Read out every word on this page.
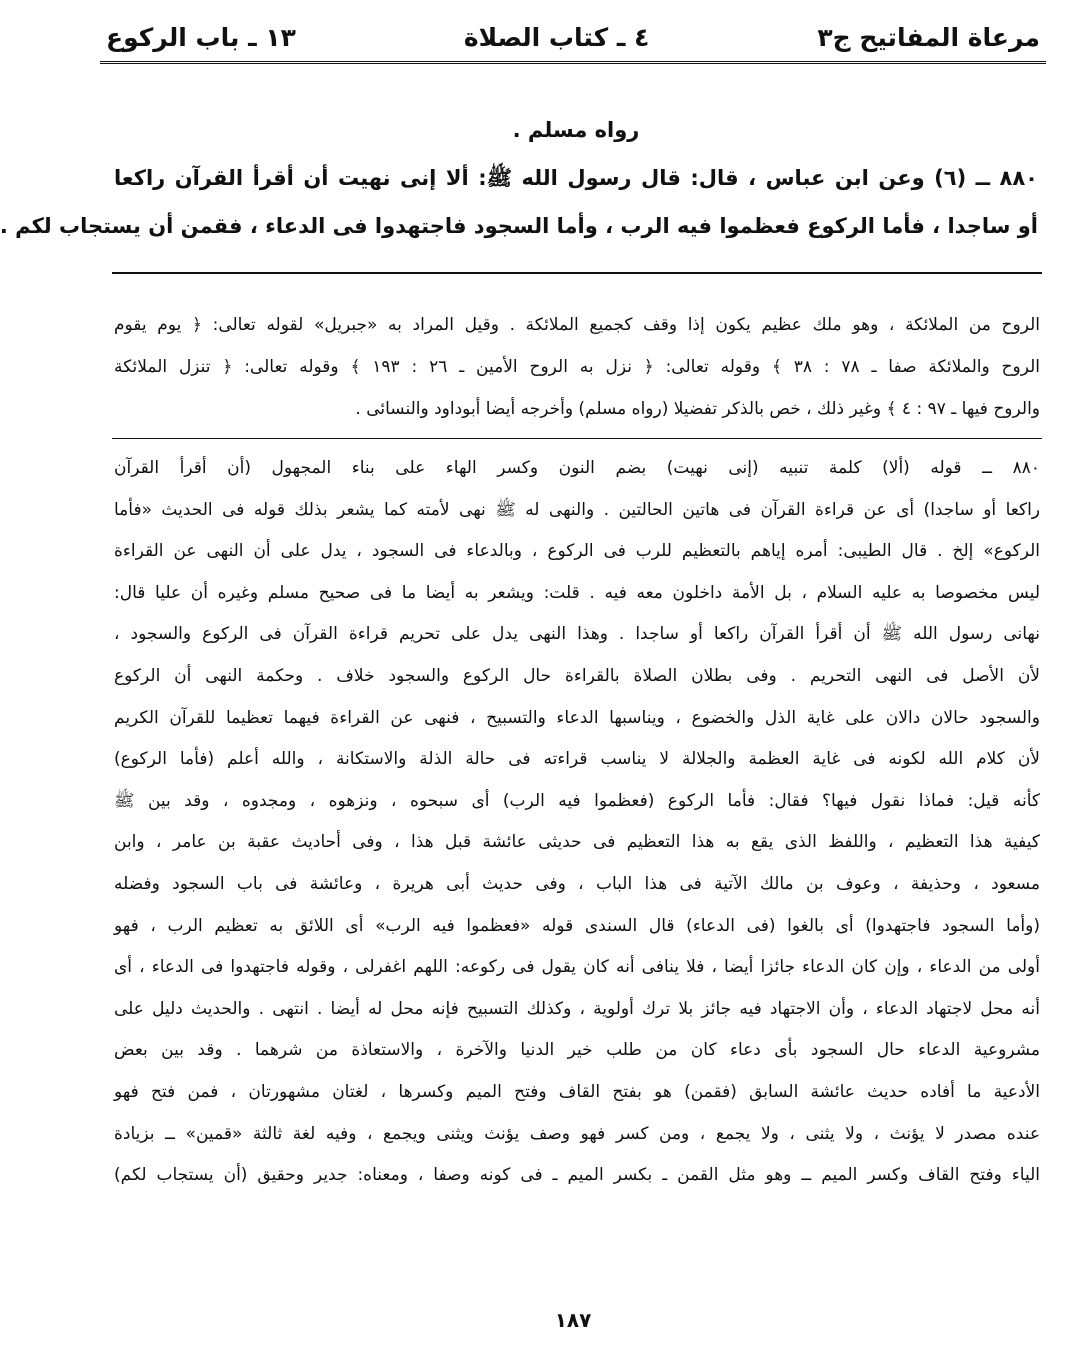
مرعاة المفاتيح ج٣
٤ ـ كتاب الصلاة
١٣ ـ باب الركوع
رواه مسلم .
٨٨٠ ــ (٦) وعن ابن عباس ، قال: قال رسول الله ﷺ: ألا إنى نهيت أن أقرأ القرآن راكعا
أو ساجدا ، فأما الركوع فعظموا فيه الرب ، وأما السجود فاجتهدوا فى الدعاء ، فقمن أن يستجاب لكم .
الروح من الملائكة ، وهو ملك عظيم يكون إذا وقف كجميع الملائكة . وقيل المراد به «جبريل» لقوله تعالى: ﴿ يوم يقوم
الروح والملائكة صفا ـ ٧٨ : ٣٨ ﴾ وقوله تعالى: ﴿ نزل به الروح الأمين ـ ٢٦ : ١٩٣ ﴾ وقوله تعالى: ﴿ تنزل الملائكة
والروح فيها ـ ٩٧ : ٤ ﴾ وغير ذلك ، خص بالذكر تفضيلا (رواه مسلم) وأخرجه أيضا أبوداود والنسائى .
٨٨٠ ــ قوله (ألا) كلمة تنبيه (إنى نهيت) بضم النون وكسر الهاء على بناء المجهول (أن أقرأ القرآن
راكعا أو ساجدا) أى عن قراءة القرآن فى هاتين الحالتين . والنهى له ﷺ نهى لأمته كما يشعر بذلك قوله فى الحديث «فأما
الركوع» إلخ . قال الطيبى: أمره إياهم بالتعظيم للرب فى الركوع ، وبالدعاء فى السجود ، يدل على أن النهى عن القراءة
ليس مخصوصا به عليه السلام ، بل الأمة داخلون معه فيه . قلت: ويشعر به أيضا ما فى صحيح مسلم وغيره أن عليا قال:
نهانى رسول الله ﷺ أن أقرأ القرآن راكعا أو ساجدا . وهذا النهى يدل على تحريم قراءة القرآن فى الركوع والسجود ،
لأن الأصل فى النهى التحريم . وفى بطلان الصلاة بالقراءة حال الركوع والسجود خلاف . وحكمة النهى أن الركوع
والسجود حالان دالان على غاية الذل والخضوع ، ويناسبها الدعاء والتسبيح ، فنهى عن القراءة فيهما تعظيما للقرآن الكريم
لأن كلام الله لكونه فى غاية العظمة والجلالة لا يناسب قراءته فى حالة الذلة والاستكانة ، والله أعلم (فأما الركوع)
كأنه قيل: فماذا نقول فيها؟ فقال: فأما الركوع (فعظموا فيه الرب) أى سبحوه ، ونزهوه ، ومجدوه ، وقد بين ﷺ
كيفية هذا التعظيم ، واللفظ الذى يقع به هذا التعظيم فى حديثى عائشة قبل هذا ، وفى أحاديث عقبة بن عامر ، وابن
مسعود ، وحذيفة ، وعوف بن مالك الآتية فى هذا الباب ، وفى حديث أبى هريرة ، وعائشة فى باب السجود وفضله
(وأما السجود فاجتهدوا) أى بالغوا (فى الدعاء) قال السندى قوله «فعظموا فيه الرب» أى اللائق به تعظيم الرب ، فهو
أولى من الدعاء ، وإن كان الدعاء جائزا أيضا ، فلا ينافى أنه كان يقول فى ركوعه: اللهم اغفرلى ، وقوله فاجتهدوا فى الدعاء ، أى
أنه محل لاجتهاد الدعاء ، وأن الاجتهاد فيه جائز بلا ترك أولوية ، وكذلك التسبيح فإنه محل له أيضا . انتهى . والحديث دليل على
مشروعية الدعاء حال السجود بأى دعاء كان من طلب خير الدنيا والآخرة ، والاستعاذة من شرهما . وقد بين بعض
الأدعية ما أفاده حديث عائشة السابق (فقمن) هو بفتح القاف وفتح الميم وكسرها ، لغتان مشهورتان ، فمن فتح فهو
عنده مصدر لا يؤنث ، ولا يثنى ، ولا يجمع ، ومن كسر فهو وصف يؤنث ويثنى ويجمع ، وفيه لغة ثالثة «قمين» ــ بزيادة
الياء وفتح القاف وكسر الميم ــ وهو مثل القمن ـ بكسر الميم ـ فى كونه وصفا ، ومعناه: جدير وحقيق (أن يستجاب لكم)
١٨٧
